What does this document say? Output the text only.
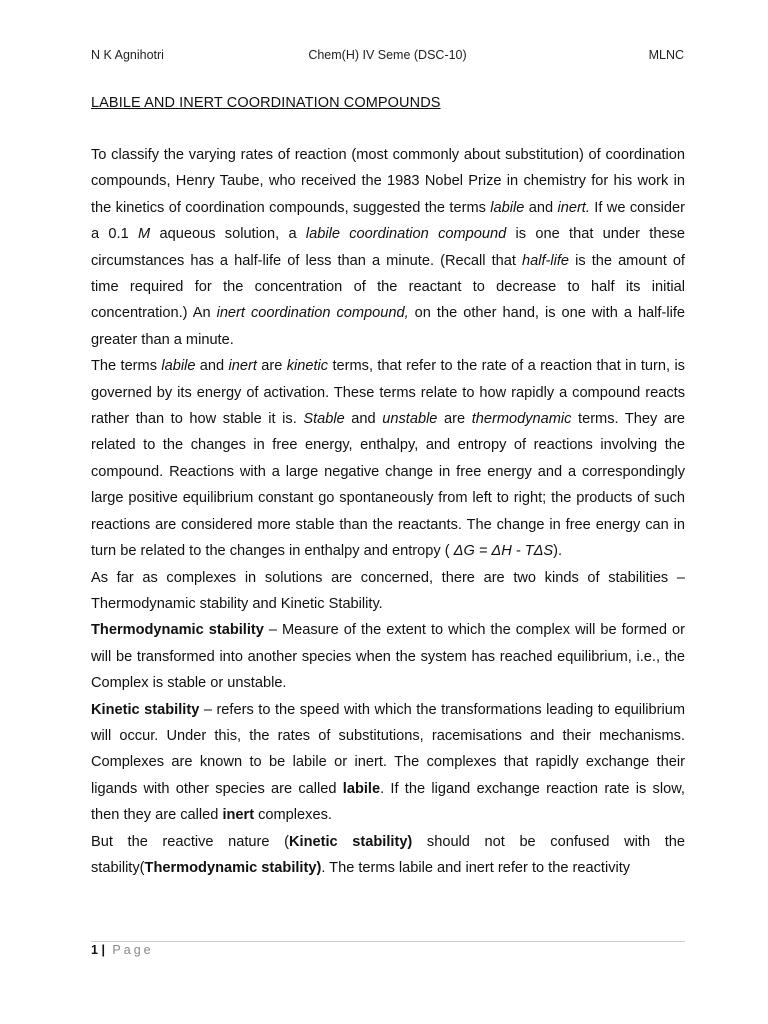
N K Agnihotri	Chem(H) IV Seme (DSC-10)	MLNC
LABILE AND INERT COORDINATION COMPOUNDS

To classify the varying rates of reaction (most commonly about substitution) of coordination compounds, Henry Taube, who received the 1983 Nobel Prize in chemistry for his work in the kinetics of coordination compounds, suggested the terms labile and inert. If we consider a 0.1 M aqueous solution, a labile coordination compound is one that under these circumstances has a half-life of less than a minute. (Recall that half-life is the amount of time required for the concentration of the reactant to decrease to half its initial concentration.) An inert coordination compound, on the other hand, is one with a half-life greater than a minute.

The terms labile and inert are kinetic terms, that refer to the rate of a reaction that in turn, is governed by its energy of activation. These terms relate to how rapidly a compound reacts rather than to how stable it is. Stable and unstable are thermodynamic terms. They are related to the changes in free energy, enthalpy, and entropy of reactions involving the compound. Reactions with a large negative change in free energy and a correspondingly large positive equilibrium constant go spontaneously from left to right; the products of such reactions are considered more stable than the reactants. The change in free energy can in turn be related to the changes in enthalpy and entropy ( ΔG = ΔH - TΔS).

As far as complexes in solutions are concerned, there are two kinds of stabilities – Thermodynamic stability and Kinetic Stability.

Thermodynamic stability – Measure of the extent to which the complex will be formed or will be transformed into another species when the system has reached equilibrium, i.e., the Complex is stable or unstable.

Kinetic stability – refers to the speed with which the transformations leading to equilibrium will occur. Under this, the rates of substitutions, racemisations and their mechanisms. Complexes are known to be labile or inert. The complexes that rapidly exchange their ligands with other species are called labile. If the ligand exchange reaction rate is slow, then they are called inert complexes.

But the reactive nature (Kinetic stability) should not be confused with the stability(Thermodynamic stability). The terms labile and inert refer to the reactivity

1 | Page
